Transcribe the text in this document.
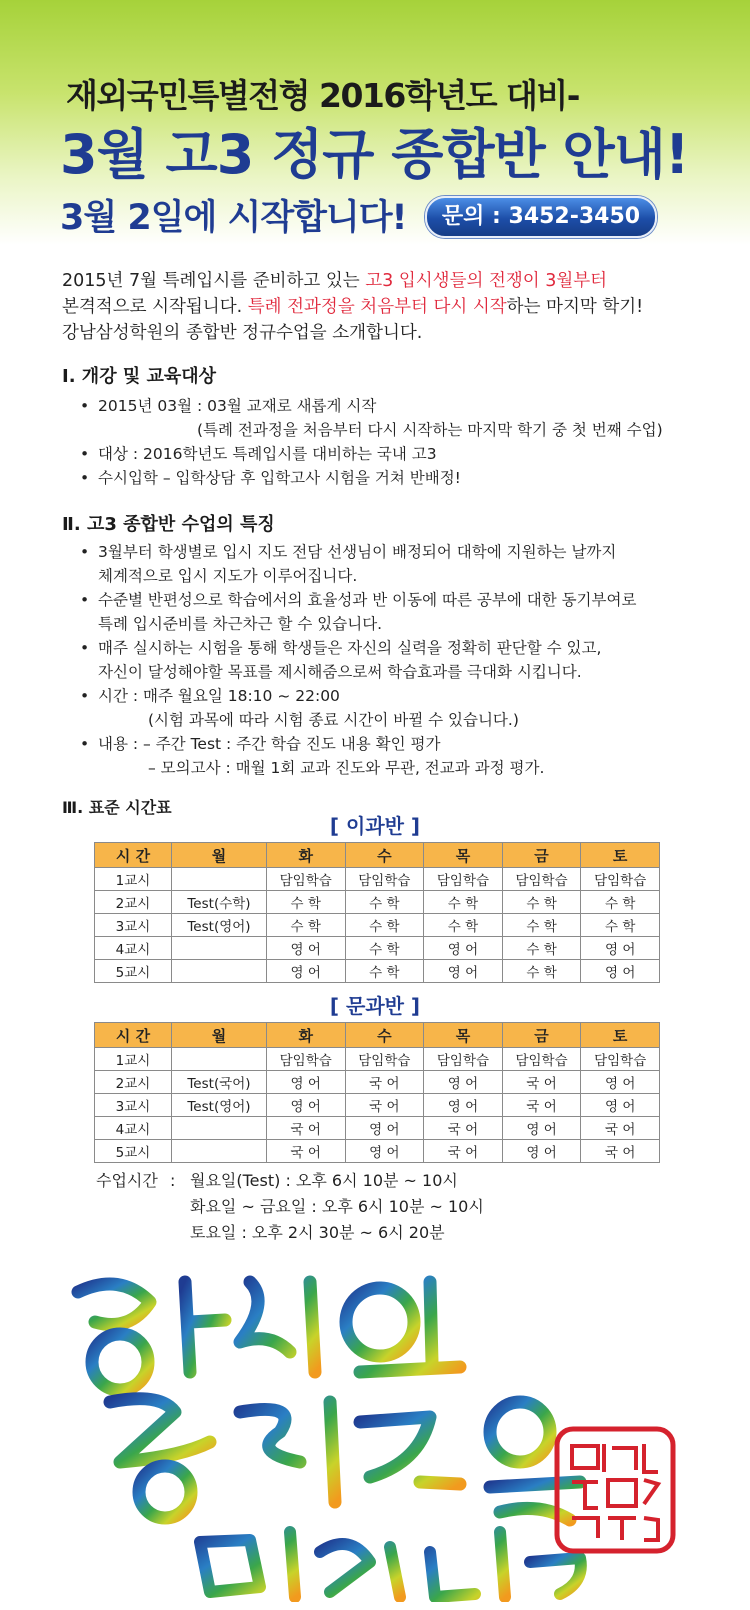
재외국민특별전형 2016학년도 대비-
3월 고3 정규 종합반 안내!
3월 2일에 시작합니다!	문의 : 3452-3450
2015년 7월 특례입시를 준비하고 있는 고3 입시생들의 전쟁이 3월부터
본격적으로 시작됩니다. 특례 전과정을 처음부터 다시 시작하는 마지막 학기!
강남삼성학원의 종합반 정규수업을 소개합니다.
Ⅰ. 개강 및 교육대상
• 2015년 03월 : 03월 교재로 새롭게 시작
(특례 전과정을 처음부터 다시 시작하는 마지막 학기 중 첫 번째 수업)
• 대상 : 2016학년도 특례입시를 대비하는 국내 고3
• 수시입학 – 입학상담 후 입학고사 시험을 거쳐 반배정!
Ⅱ. 고3 종합반 수업의 특징
• 3월부터 학생별로 입시 지도 전담 선생님이 배정되어 대학에 지원하는 날까지
체계적으로 입시 지도가 이루어집니다.
• 수준별 반편성으로 학습에서의 효율성과 반 이동에 따른 공부에 대한 동기부여로
특례 입시준비를 차근차근 할 수 있습니다.
• 매주 실시하는 시험을 통해 학생들은 자신의 실력을 정확히 판단할 수 있고,
자신이 달성해야할 목표를 제시해줌으로써 학습효과를 극대화 시킵니다.
• 시간 : 매주 월요일 18:10 ~ 22:00
(시험 과목에 따라 시험 종료 시간이 바뀔 수 있습니다.)
• 내용 : – 주간 Test : 주간 학습 진도 내용 확인 평가
– 모의고사 : 매월 1회 교과 진도와 무관, 전교과 과정 평가.
Ⅲ. 표준 시간표
[ 이과반 ]
시 간	월	화	수	목	금	토
1교시		담임학습	담임학습	담임학습	담임학습	담임학습
2교시	Test(수학)	수 학	수 학	수 학	수 학	수 학
3교시	Test(영어)	수 학	수 학	수 학	수 학	수 학
4교시		영 어	수 학	영 어	수 학	영 어
5교시		영 어	수 학	영 어	수 학	영 어
[ 문과반 ]
시 간	월	화	수	목	금	토
1교시		담임학습	담임학습	담임학습	담임학습	담임학습
2교시	Test(국어)	영 어	국 어	영 어	국 어	영 어
3교시	Test(영어)	영 어	국 어	영 어	국 어	영 어
4교시		국 어	영 어	국 어	영 어	국 어
5교시		국 어	영 어	국 어	영 어	국 어
수업시간 : 월요일(Test) : 오후 6시 10분 ~ 10시
화요일 ~ 금요일 : 오후 6시 10분 ~ 10시
토요일 : 오후 2시 30분 ~ 6시 20분
